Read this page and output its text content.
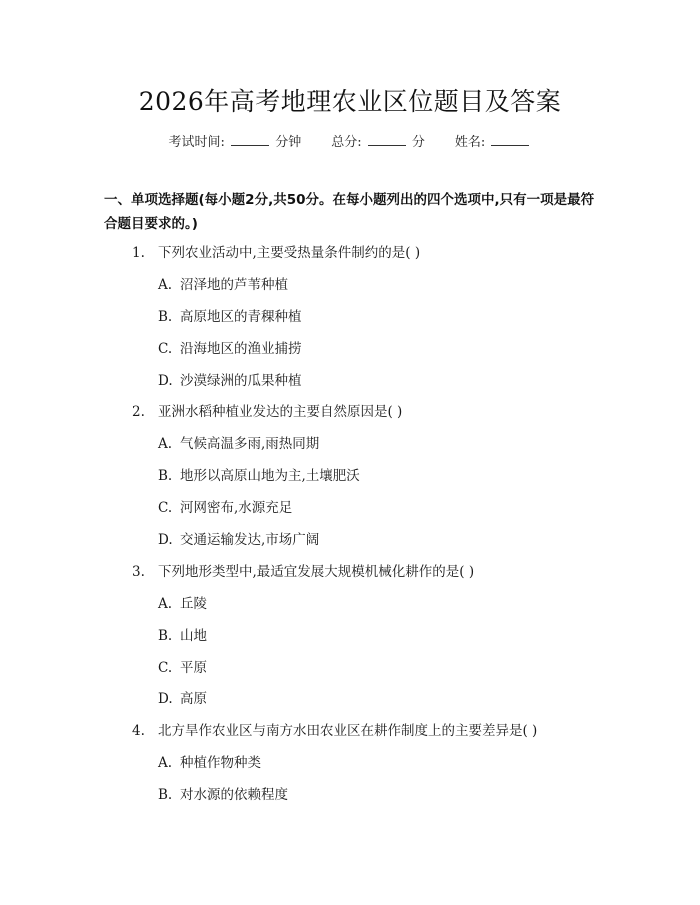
2026年高考地理农业区位题目及答案
考试时间:	分钟 总分:	分 姓名:
一、单项选择题(每小题2分,共50分。在每小题列出的四个选项中,只有一项是最符合题目要求的。)
1. 下列农业活动中,主要受热量条件制约的是( )
A. 沼泽地的芦苇种植
B. 高原地区的青稞种植
C. 沿海地区的渔业捕捞
D. 沙漠绿洲的瓜果种植
2. 亚洲水稻种植业发达的主要自然原因是( )
A. 气候高温多雨,雨热同期
B. 地形以高原山地为主,土壤肥沃
C. 河网密布,水源充足
D. 交通运输发达,市场广阔
3. 下列地形类型中,最适宜发展大规模机械化耕作的是( )
A. 丘陵
B. 山地
C. 平原
D. 高原
4. 北方旱作农业区与南方水田农业区在耕作制度上的主要差异是( )
A. 种植作物种类
B. 对水源的依赖程度
